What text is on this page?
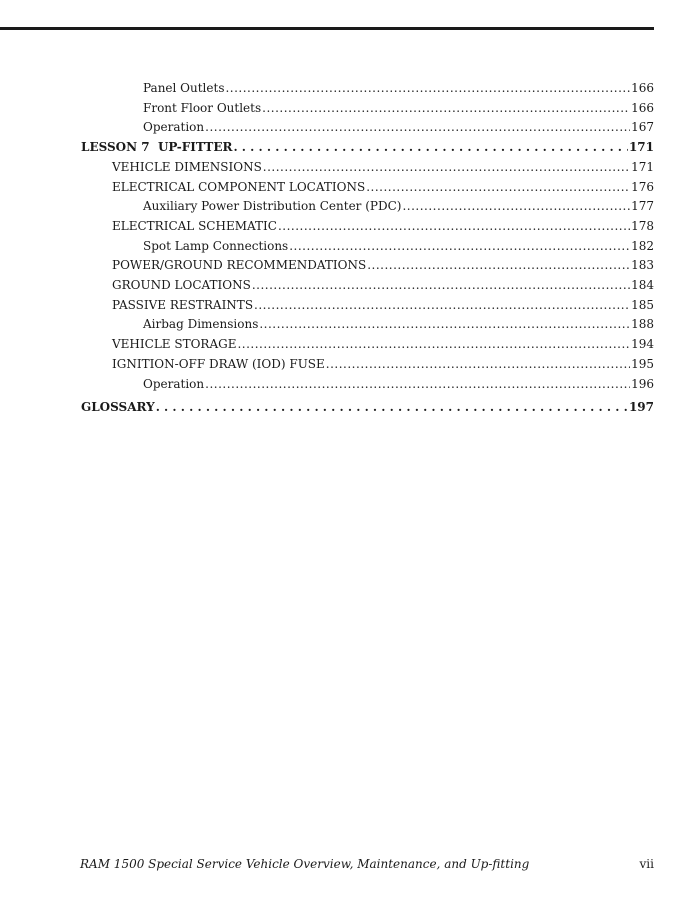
Panel Outlets .....	166
Front Floor Outlets .....	166
Operation .....	167
LESSON 7  UP-FITTER . . .	171
VEHICLE DIMENSIONS .....	171
ELECTRICAL COMPONENT LOCATIONS .....	176
Auxiliary Power Distribution Center (PDC) .....	177
ELECTRICAL SCHEMATIC .....	178
Spot Lamp Connections .....	182
POWER/GROUND RECOMMENDATIONS .....	183
GROUND LOCATIONS .....	184
PASSIVE RESTRAINTS .....	185
Airbag Dimensions .....	188
VEHICLE STORAGE .....	194
IGNITION-OFF DRAW (IOD) FUSE .....	195
Operation .....	196
GLOSSARY . . .	197
RAM 1500 Special Service Vehicle Overview, Maintenance, and Up-fitting	vii
